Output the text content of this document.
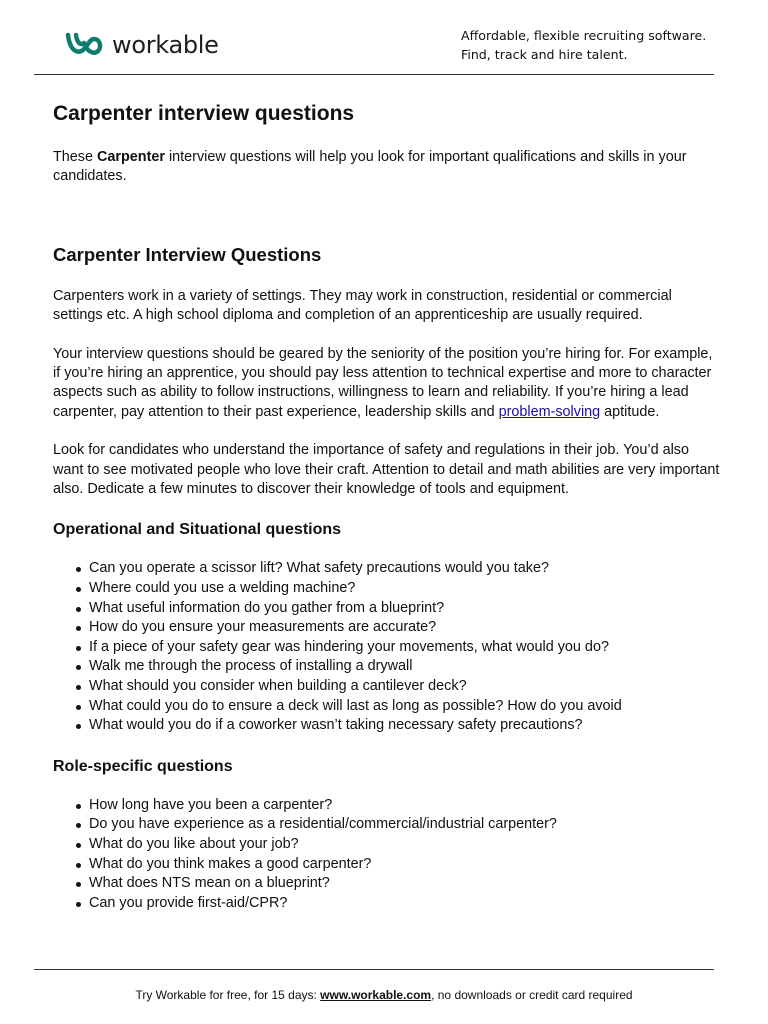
workable	Affordable, flexible recruiting software.
Find, track and hire talent.
Carpenter interview questions

These Carpenter interview questions will help you look for important qualifications and skills in your candidates.

Carpenter Interview Questions

Carpenters work in a variety of settings. They may work in construction, residential or commercial settings etc. A high school diploma and completion of an apprenticeship are usually required.

Your interview questions should be geared by the seniority of the position you’re hiring for. For example, if you’re hiring an apprentice, you should pay less attention to technical expertise and more to character aspects such as ability to follow instructions, willingness to learn and reliability. If you’re hiring a lead carpenter, pay attention to their past experience, leadership skills and problem-solving aptitude.

Look for candidates who understand the importance of safety and regulations in their job. You’d also want to see motivated people who love their craft. Attention to detail and math abilities are very important also. Dedicate a few minutes to discover their knowledge of tools and equipment.

Operational and Situational questions
Can you operate a scissor lift? What safety precautions would you take?
Where could you use a welding machine?
What useful information do you gather from a blueprint?
How do you ensure your measurements are accurate?
If a piece of your safety gear was hindering your movements, what would you do?
Walk me through the process of installing a drywall
What should you consider when building a cantilever deck?
What could you do to ensure a deck will last as long as possible? How do you avoid
What would you do if a coworker wasn’t taking necessary safety precautions?
Role-specific questions
How long have you been a carpenter?
Do you have experience as a residential/commercial/industrial carpenter?
What do you like about your job?
What do you think makes a good carpenter?
What does NTS mean on a blueprint?
Can you provide first-aid/CPR?
Try Workable for free, for 15 days: www.workable.com, no downloads or credit card required
